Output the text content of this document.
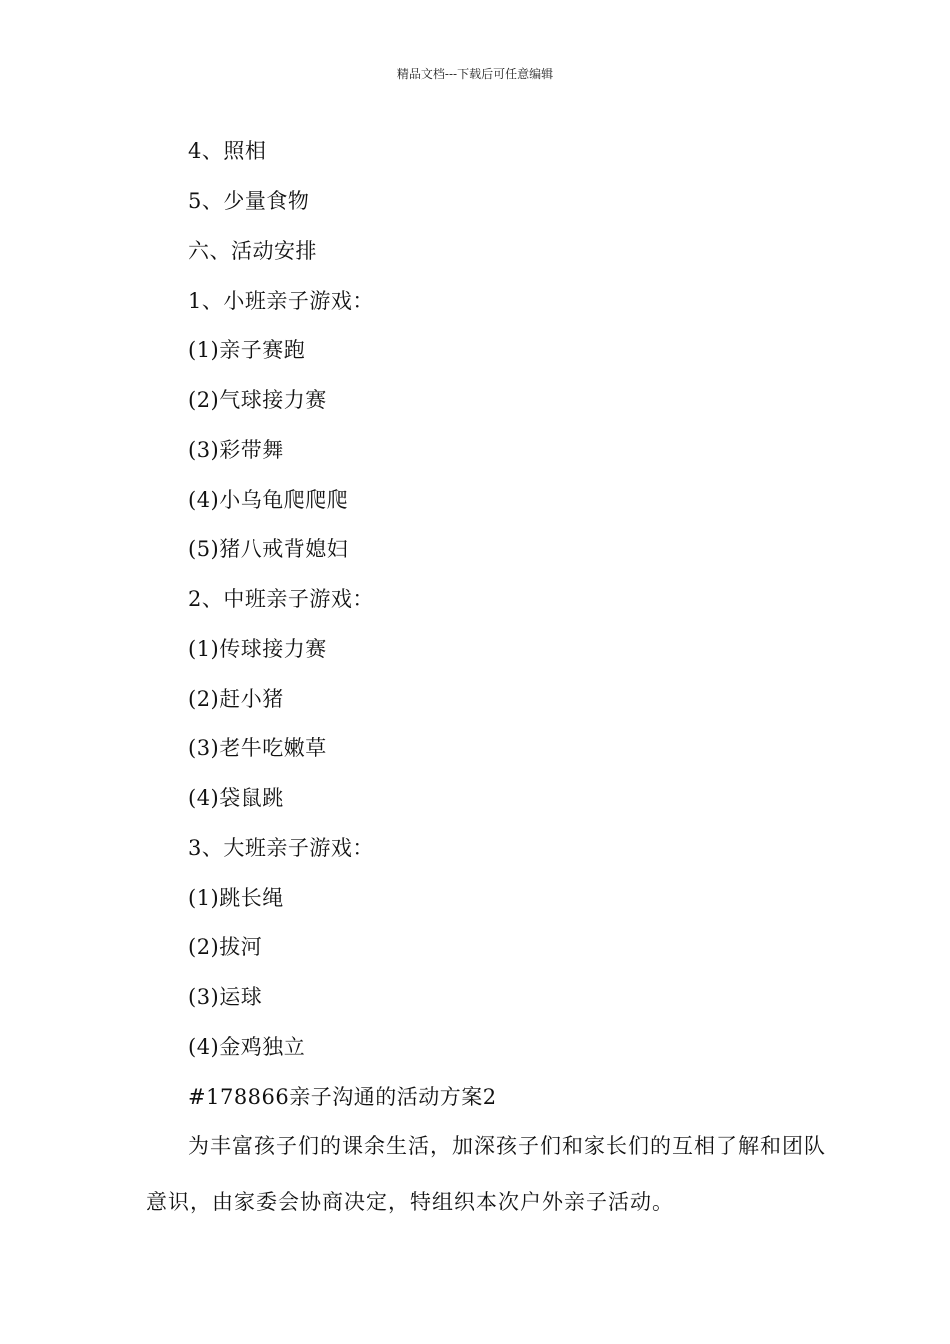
精品文档---下载后可任意编辑
4、照相
5、少量食物
六、活动安排
1、小班亲子游戏：
(1)亲子赛跑
(2)气球接力赛
(3)彩带舞
(4)小乌龟爬爬爬
(5)猪八戒背媳妇
2、中班亲子游戏：
(1)传球接力赛
(2)赶小猪
(3)老牛吃嫩草
(4)袋鼠跳
3、大班亲子游戏：
(1)跳长绳
(2)拔河
(3)运球
(4)金鸡独立
#178866亲子沟通的活动方案2
为丰富孩子们的课余生活，加深孩子们和家长们的互相了解和团队意识，由家委会协商决定，特组织本次户外亲子活动。
